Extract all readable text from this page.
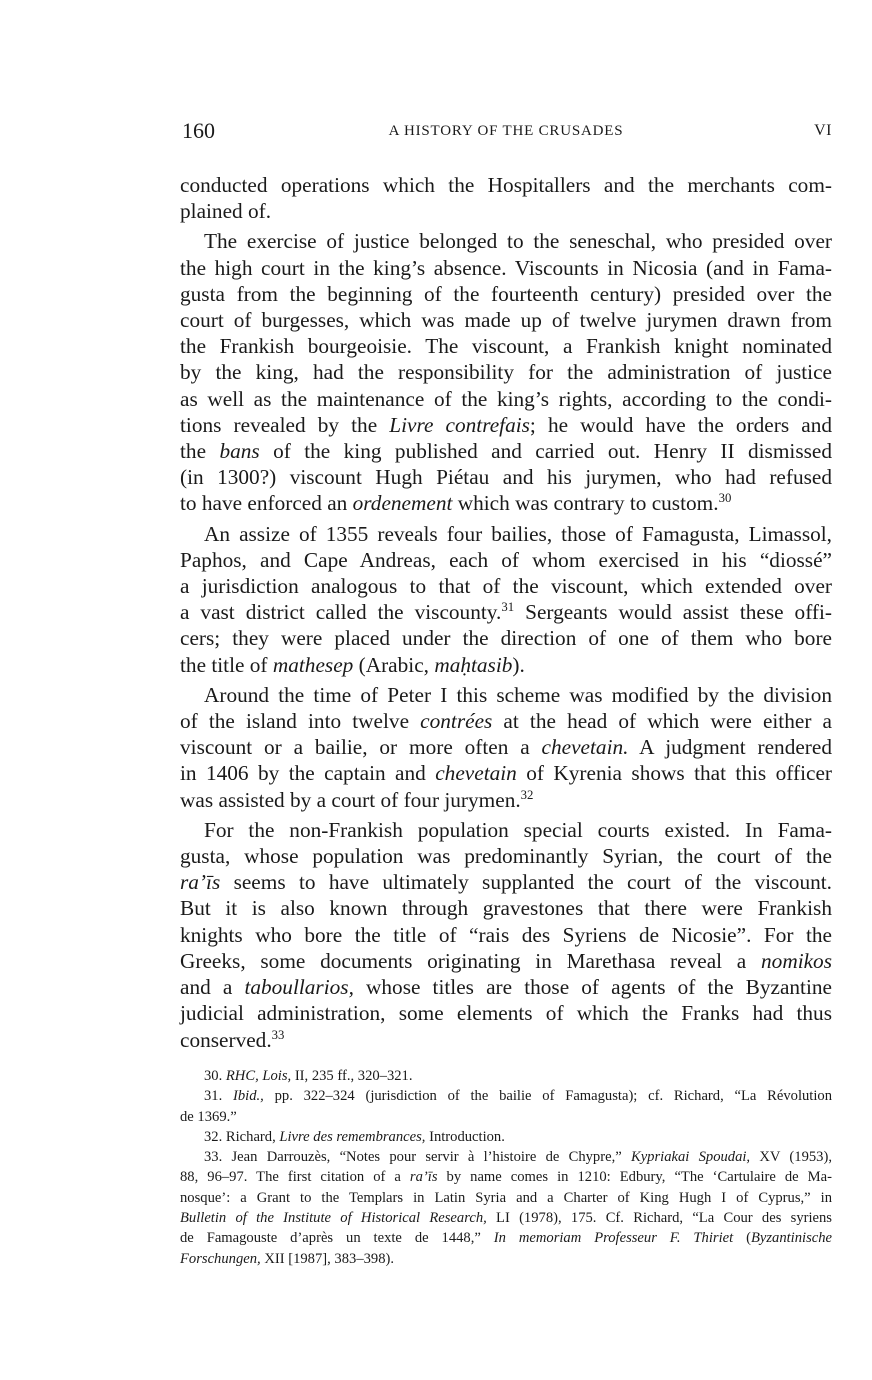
160	A HISTORY OF THE CRUSADES	VI
conducted operations which the Hospitallers and the merchants com-
plained of.
The exercise of justice belonged to the seneschal, who presided over
the high court in the king’s absence. Viscounts in Nicosia (and in Fama-
gusta from the beginning of the fourteenth century) presided over the
court of burgesses, which was made up of twelve jurymen drawn from
the Frankish bourgeoisie. The viscount, a Frankish knight nominated
by the king, had the responsibility for the administration of justice
as well as the maintenance of the king’s rights, according to the condi-
tions revealed by the Livre contrefais; he would have the orders and
the bans of the king published and carried out. Henry II dismissed
(in 1300?) viscount Hugh Piétau and his jurymen, who had refused
to have enforced an ordenement which was contrary to custom.$^{30}$
An assize of 1355 reveals four bailies, those of Famagusta, Limassol,
Paphos, and Cape Andreas, each of whom exercised in his “diossé”
a jurisdiction analogous to that of the viscount, which extended over
a vast district called the viscounty.$^{31}$ Sergeants would assist these offi-
cers; they were placed under the direction of one of them who bore
the title of mathesep (Arabic, maḥtasib).
Around the time of Peter I this scheme was modified by the division
of the island into twelve contrées at the head of which were either a
viscount or a bailie, or more often a chevetain. A judgment rendered
in 1406 by the captain and chevetain of Kyrenia shows that this officer
was assisted by a court of four jurymen.$^{32}$
For the non-Frankish population special courts existed. In Fama-
gusta, whose population was predominantly Syrian, the court of the
ra’īs seems to have ultimately supplanted the court of the viscount.
But it is also known through gravestones that there were Frankish
knights who bore the title of “rais des Syriens de Nicosie”. For the
Greeks, some documents originating in Marethasa reveal a nomikos
and a taboullarios, whose titles are those of agents of the Byzantine
judicial administration, some elements of which the Franks had thus
conserved.$^{33}$
30. RHC, Lois, II, 235 ff., 320–321.
31. Ibid., pp. 322–324 (jurisdiction of the bailie of Famagusta); cf. Richard, “La Révolution
de 1369.”
32. Richard, Livre des remembrances, Introduction.
33. Jean Darrouzès, “Notes pour servir à l’histoire de Chypre,” Kypriakai Spoudai, XV (1953),
88, 96–97. The first citation of a ra’īs by name comes in 1210: Edbury, “The ‘Cartulaire de Ma-
nosque’: a Grant to the Templars in Latin Syria and a Charter of King Hugh I of Cyprus,” in
Bulletin of the Institute of Historical Research, LI (1978), 175. Cf. Richard, “La Cour des syriens
de Famagouste d’après un texte de 1448,” In memoriam Professeur F. Thiriet (Byzantinische
Forschungen, XII [1987], 383–398).
